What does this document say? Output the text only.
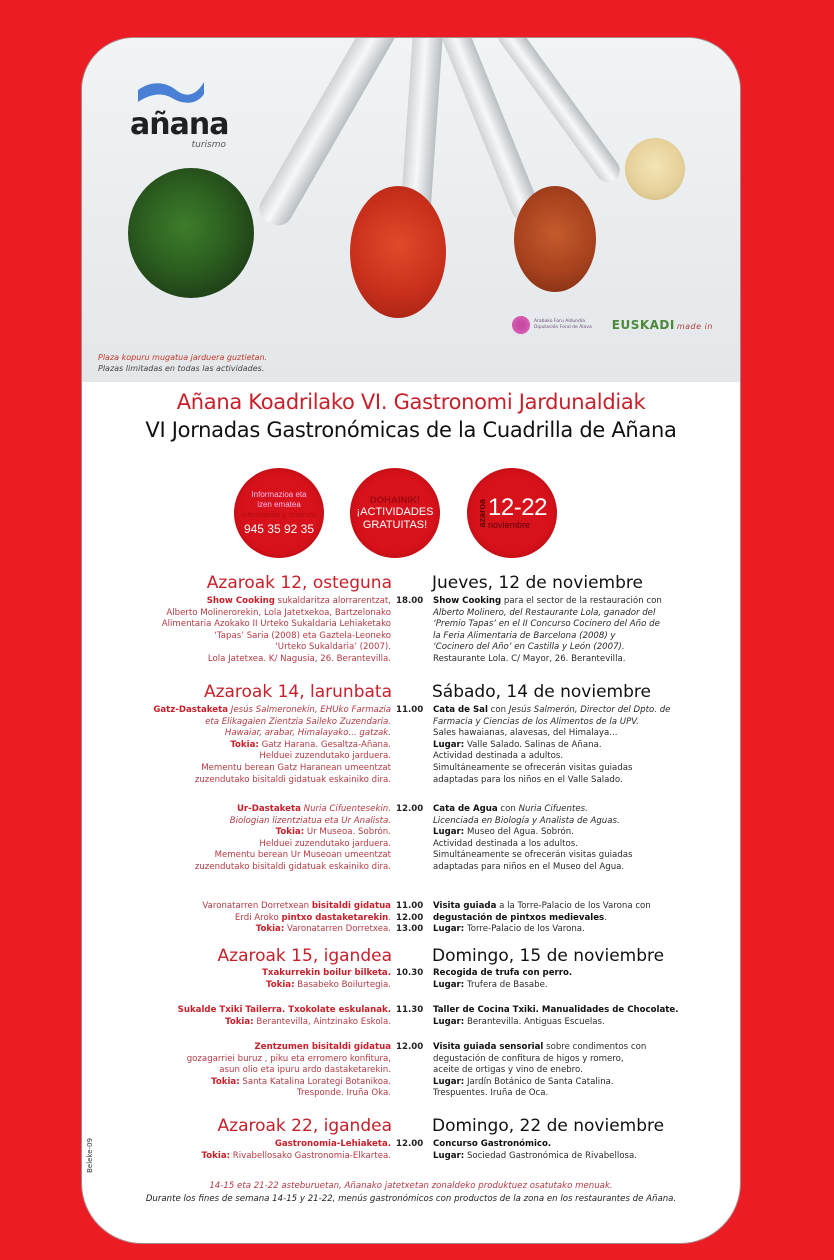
añana
turismo
Arabako Foru Aldundia
Diputación Foral de Álava EUSKADI made in
Plaza kopuru mugatua jarduera guztietan.
Plazas limitadas en todas las actividades.
Añana Koadrilako VI. Gastronomi Jardunaldiak
VI Jornadas Gastronómicas de la Cuadrilla de Añana
Informazioa eta
izen ematea
Información y reservas
945 35 92 35
DOHAINIK!
¡ACTIVIDADES
GRATUITAS!	azaroa 12-22
noviembre
Azaroak 12, osteguna Jueves, 12 de noviembre
Show Cooking sukaldaritza alorrarentzat,
Alberto Molinerorekin, Lola Jatetxekoa, Bartzelonako
Alimentaria Azokako II Urteko Sukaldaria Lehiaketako
‘Tapas’ Saria (2008) eta Gaztela-Leoneko
‘Urteko Sukaldaria’ (2007).
Lola Jatetxea. K/ Nagusia, 26. Berantevilla.
Show Cooking para el sector de la restauración con
Alberto Molinero, del Restaurante Lola, ganador del
‘Premio Tapas’ en el II Concurso Cocinero del Año de
la Feria Alimentaria de Barcelona (2008) y
‘Cocinero del Año’ en Castilla y León (2007).
Restaurante Lola. C/ Mayor, 26. Berantevilla.
18.00
Azaroak 14, larunbata Sábado, 14 de noviembre
Gatz-Dastaketa Jesús Salmeronekin, EHUko Farmazia
eta Elikagaien Zientzia Saileko Zuzendaria.
Hawaiar, arabar, Himalayako... gatzak.
Tokia: Gatz Harana. Gesaltza-Añana.
Helduei zuzendutako jarduera.
Mementu berean Gatz Haranean umeentzat
zuzendutako bisitaldi gidatuak eskainiko dira.
Cata de Sal con Jesús Salmerón, Director del Dpto. de
Farmacia y Ciencias de los Alimentos de la UPV.
Sales hawaianas, alavesas, del Himalaya...
Lugar: Valle Salado. Salinas de Añana.
Actividad destinada a adultos.
Simultáneamente se ofrecerán visitas guiadas
adaptadas para los niños en el Valle Salado.
11.00
Ur-Dastaketa Nuria Cifuentesekin.
Biologian lizentziatua eta Ur Analista.
Tokia: Ur Museoa. Sobrón.
Helduei zuzendutako jarduera.
Mementu berean Ur Museoan umeentzat
zuzendutako bisitaldi gidatuak eskainiko dira.
Cata de Agua con Nuria Cifuentes.
Licenciada en Biología y Analista de Aguas.
Lugar: Museo del Agua. Sobrón.
Actividad destinada a los adultos.
Simultáneamente se ofrecerán visitas guiadas
adaptadas para niños en el Museo del Agua.
12.00
Varonatarren Dorretxean bisitaldi gidatua
Erdi Aroko pintxo dastaketarekin.
Tokia: Varonatarren Dorretxea.
Visita guiada a la Torre-Palacio de los Varona con
degustación de pintxos medievales.
Lugar: Torre-Palacio de los Varona.
11.00
12.00
13.00
Azaroak 15, igandea Domingo, 15 de noviembre
Txakurrekin boilur bilketa.
Tokia: Basabeko Boilurtegia.
Recogida de trufa con perro.
Lugar: Trufera de Basabe.
10.30
Sukalde Txiki Tailerra. Txokolate eskulanak.
Tokia: Berantevilla, Aintzinako Eskola.
Taller de Cocina Txiki. Manualidades de Chocolate.
Lugar: Berantevilla. Antiguas Escuelas.
11.30
Zentzumen bisitaldi gidatua
gozagarriei buruz , piku eta erromero konfitura,
asun olio eta ipuru ardo dastaketarekin.
Tokia: Santa Katalina Lorategi Botanikoa.
Tresponde. Iruña Oka.
Visita guiada sensorial sobre condimentos con
degustación de confitura de higos y romero,
aceite de ortigas y vino de enebro.
Lugar: Jardín Botánico de Santa Catalina.
Trespuentes. Iruña de Oca.
12.00
Azaroak 22, igandea Domingo, 22 de noviembre
Gastronomia-Lehiaketa.
Tokia: Rivabellosako Gastronomia-Elkartea.
Concurso Gastronómico.
Lugar: Sociedad Gastronómica de Rivabellosa.
12.00
Beleke-09
14-15 eta 21-22 asteburuetan, Añanako jatetxetan zonaldeko produktuez osatutako menuak.
Durante los fines de semana 14-15 y 21-22, menús gastronómicos con productos de la zona en los restaurantes de Añana.
